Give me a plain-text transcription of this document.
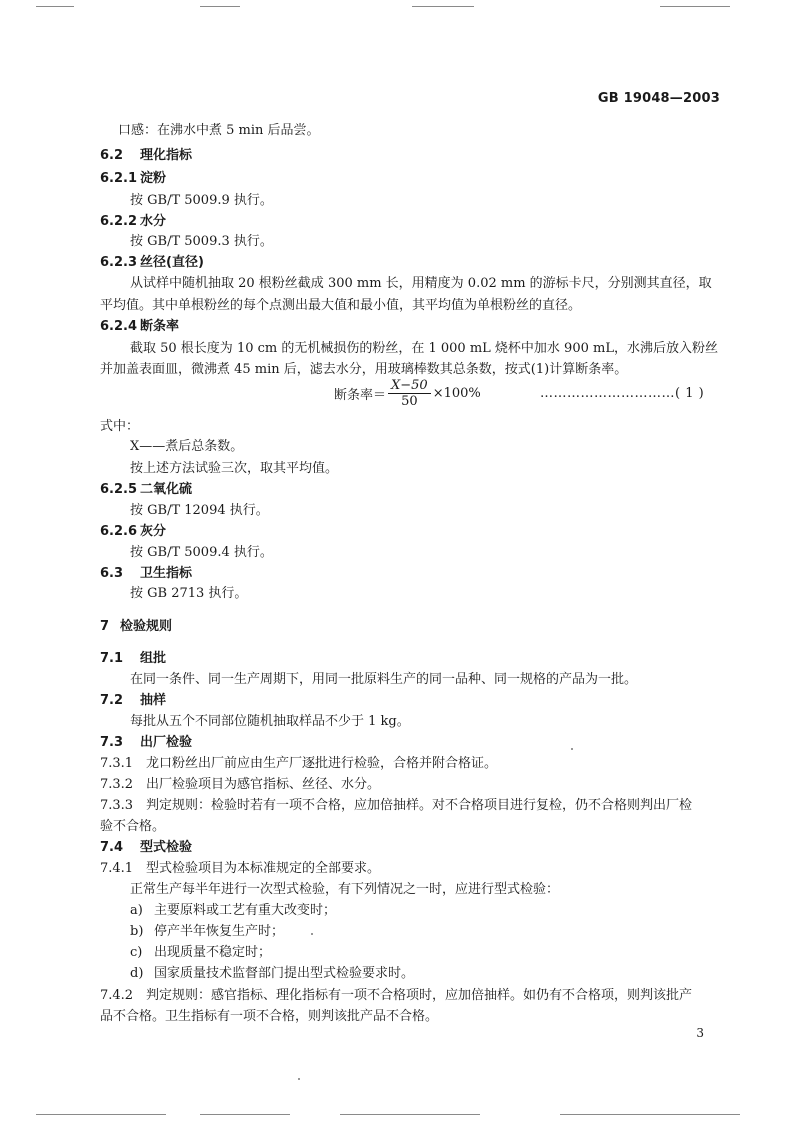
GB 19048—2003
口感：在沸水中煮 5 min 后品尝。
6.2 理化指标
6.2.1 淀粉
按 GB/T 5009.9 执行。
6.2.2 水分
按 GB/T 5009.3 执行。
6.2.3 丝径(直径)
从试样中随机抽取 20 根粉丝截成 300 mm 长，用精度为 0.02 mm 的游标卡尺，分别测其直径，取
平均值。其中单根粉丝的每个点测出最大值和最小值，其平均值为单根粉丝的直径。
6.2.4 断条率
截取 50 根长度为 10 cm 的无机械损伤的粉丝，在 1 000 mL 烧杯中加水 900 mL，水沸后放入粉丝
并加盖表面皿，微沸煮 45 min 后，滤去水分，用玻璃棒数其总条数，按式(1)计算断条率。
断条率＝ $\frac{X-50}{50} \times 100\%$	…………………………( 1 )
式中：
X——煮后总条数。
按上述方法试验三次，取其平均值。
6.2.5 二氧化硫
按 GB/T 12094 执行。
6.2.6 灰分
按 GB/T 5009.4 执行。
6.3 卫生指标
按 GB 2713 执行。
7 检验规则
7.1 组批
在同一条件、同一生产周期下，用同一批原料生产的同一品种、同一规格的产品为一批。
7.2 抽样
每批从五个不同部位随机抽取样品不少于 1 kg。
7.3 出厂检验
7.3.1 龙口粉丝出厂前应由生产厂逐批进行检验，合格并附合格证。
7.3.2 出厂检验项目为感官指标、丝径、水分。
7.3.3 判定规则：检验时若有一项不合格，应加倍抽样。对不合格项目进行复检，仍不合格则判出厂检
验不合格。
7.4 型式检验
7.4.1 型式检验项目为本标准规定的全部要求。
正常生产每半年进行一次型式检验，有下列情况之一时，应进行型式检验：
a) 主要原料或工艺有重大改变时；
b) 停产半年恢复生产时；
c) 出现质量不稳定时；
d) 国家质量技术监督部门提出型式检验要求时。
7.4.2 判定规则：感官指标、理化指标有一项不合格项时，应加倍抽样。如仍有不合格项，则判该批产
品不合格。卫生指标有一项不合格，则判该批产品不合格。
3
